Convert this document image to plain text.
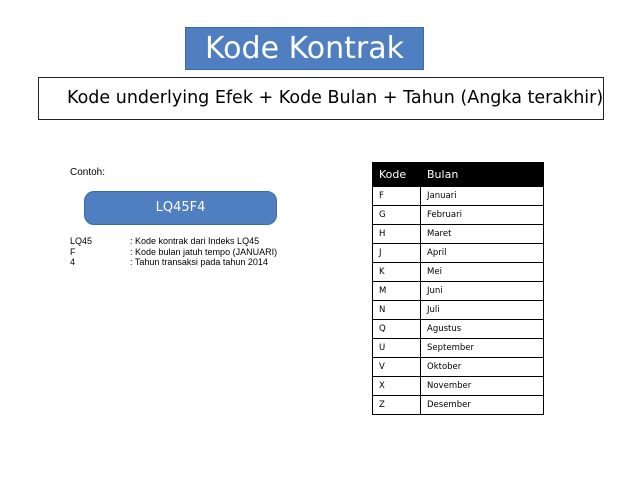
Kode Kontrak
Kode underlying Efek + Kode Bulan + Tahun (Angka terakhir)
Contoh:
LQ45F4
LQ45	: Kode kontrak dari Indeks LQ45
F	: Kode bulan jatuh tempo (JANUARI)
4	: Tahun transaksi pada tahun 2014
Kode	Bulan
F	Januari
G	Februari
H	Maret
J	April
K	Mei
M	Juni
N	Juli
Q	Agustus
U	September
V	Oktober
X	November
Z	Desember
